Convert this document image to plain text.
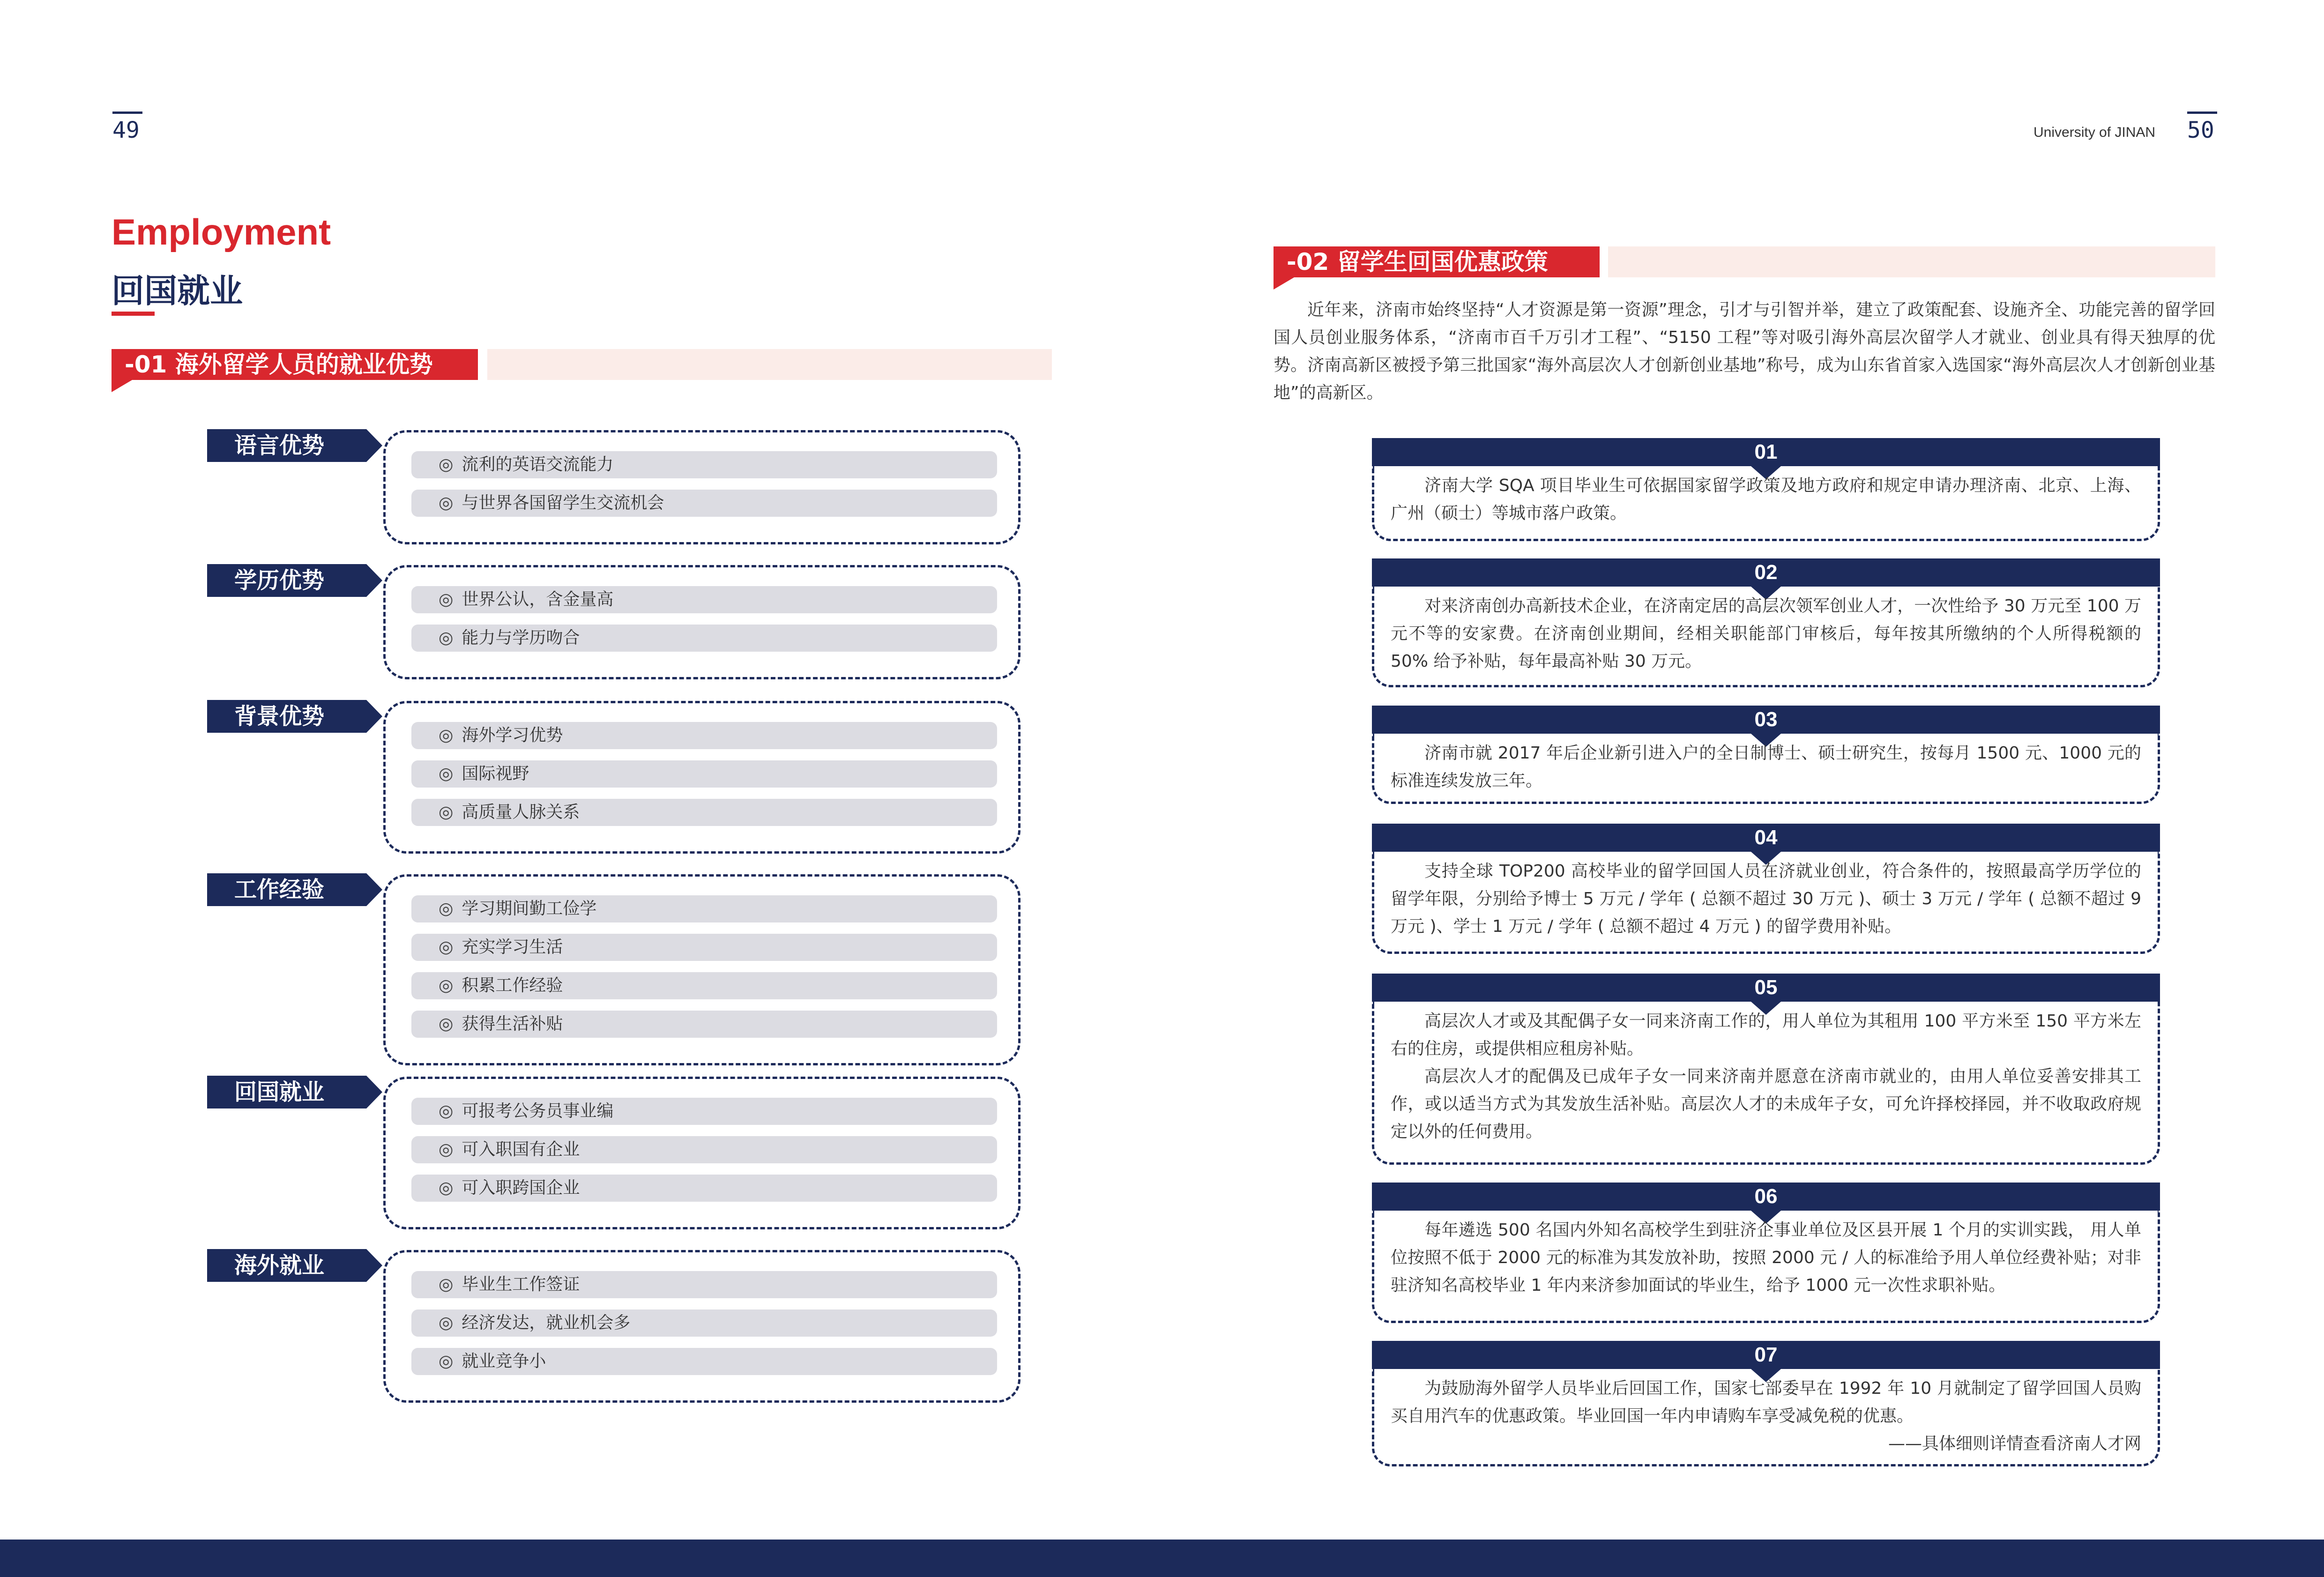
49	University of JINAN 50
Employment
回国就业
-01 海外留学人员的就业优势
语言优势
◎ 流利的英语交流能力
◎ 与世界各国留学生交流机会
学历优势
◎ 世界公认，含金量高
◎ 能力与学历吻合
背景优势
◎ 海外学习优势
◎ 国际视野
◎ 高质量人脉关系
工作经验
◎ 学习期间勤工俭学
◎ 充实学习生活
◎ 积累工作经验
◎ 获得生活补贴
回国就业
◎ 可报考公务员事业编
◎ 可入职国有企业
◎ 可入职跨国企业
海外就业
◎ 毕业生工作签证
◎ 经济发达，就业机会多
◎ 就业竞争小
-02 留学生回国优惠政策
近年来，济南市始终坚持“人才资源是第一资源”理念，引才与引智并举，建立了政策配套、设施齐全、功能完善的留学回国人员创业服务体系，“济南市百千万引才工程”、“5150 工程”等对吸引海外高层次留学人才就业、创业具有得天独厚的优势。济南高新区被授予第三批国家“海外高层次人才创新创业基地”称号，成为山东省首家入选国家“海外高层次人才创新创业基地”的高新区。
01

济南大学 SQA 项目毕业生可依据国家留学政策及地方政府和规定申请办理济南、北京、上海、广州（硕士）等城市落户政策。

02

对来济南创办高新技术企业，在济南定居的高层次领军创业人才，一次性给予 30 万元至 100 万元不等的安家费。在济南创业期间，经相关职能部门审核后，每年按其所缴纳的个人所得税额的 50% 给予补贴，每年最高补贴 30 万元。

03

济南市就 2017 年后企业新引进入户的全日制博士、硕士研究生，按每月 1500 元、1000 元的标准连续发放三年。

04

支持全球 TOP200 高校毕业的留学回国人员在济就业创业，符合条件的，按照最高学历学位的留学年限，分别给予博士 5 万元 / 学年 ( 总额不超过 30 万元 )、硕士 3 万元 / 学年 ( 总额不超过 9 万元 )、学士 1 万元 / 学年 ( 总额不超过 4 万元 ) 的留学费用补贴。

05

高层次人才或及其配偶子女一同来济南工作的，用人单位为其租用 100 平方米至 150 平方米左右的住房，或提供相应租房补贴。

高层次人才的配偶及已成年子女一同来济南并愿意在济南市就业的，由用人单位妥善安排其工作，或以适当方式为其发放生活补贴。高层次人才的未成年子女，可允许择校择园，并不收取政府规定以外的任何费用。

06

每年遴选 500 名国内外知名高校学生到驻济企事业单位及区县开展 1 个月的实训实践， 用人单位按照不低于 2000 元的标准为其发放补助，按照 2000 元 / 人的标准给予用人单位经费补贴；对非驻济知名高校毕业 1 年内来济参加面试的毕业生，给予 1000 元一次性求职补贴。

07

为鼓励海外留学人员毕业后回国工作，国家七部委早在 1992 年 10 月就制定了留学回国人员购买自用汽车的优惠政策。毕业回国一年内申请购车享受减免税的优惠。

——具体细则详情查看济南人才网
